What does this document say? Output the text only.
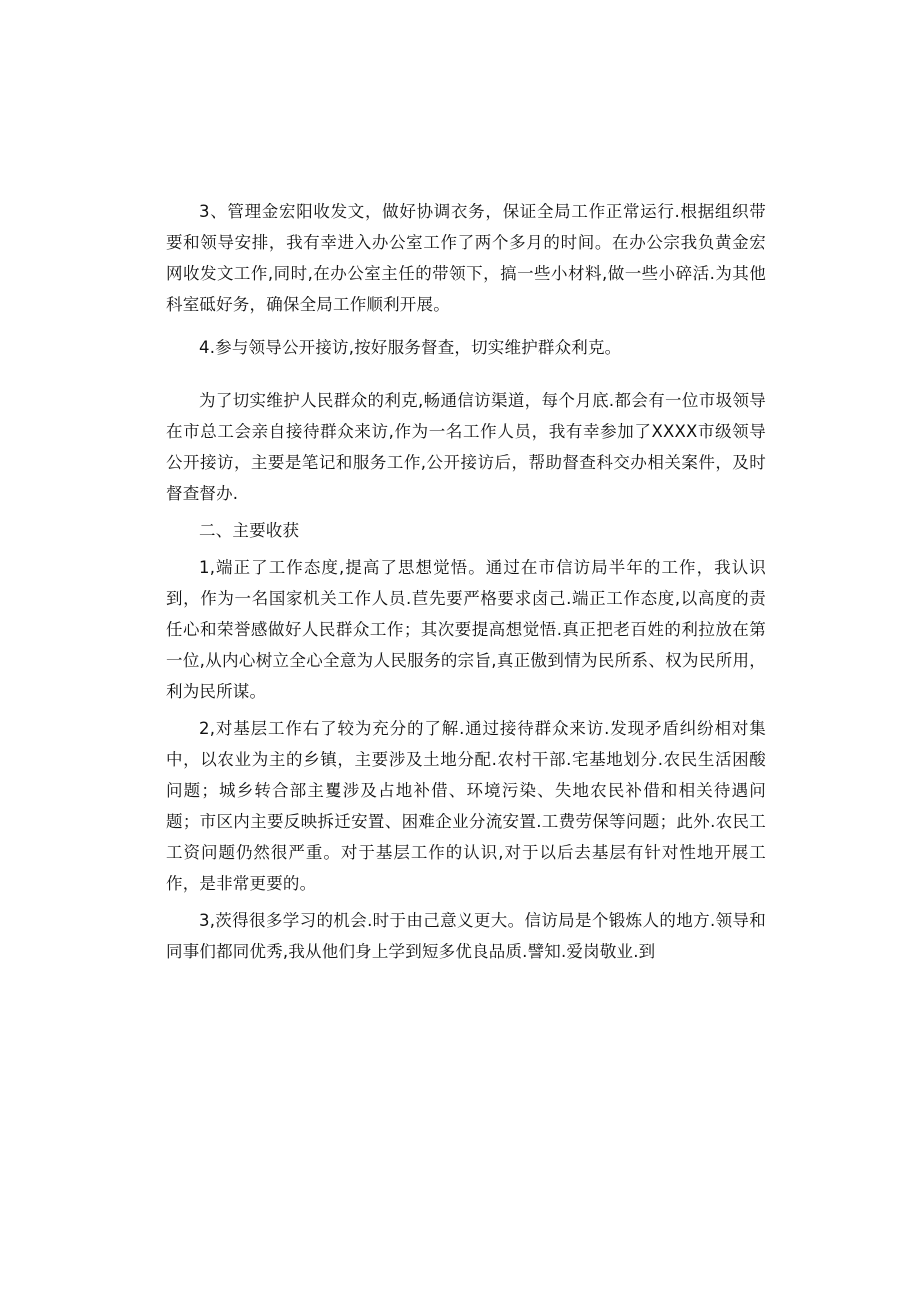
3、管理金宏阳收发文，做好协调衣务，保证全局工作正常运行.根据组织带要和领导安排，我有幸进入办公室工作了两个多月的时间。在办公宗我负黄金宏网收发文工作,同时,在办公室主任的带领下，搞一些小材料,做一些小碎活.为其他科室砥好务，确保全局工作顺利开展。

4.参与领导公开接访,按好服务督查，切实维护群众利克。

为了切实维护人民群众的利克,畅通信访渠道，每个月底.都会有一位市圾领导在市总工会亲自接待群众来访,作为一名工作人员，我有幸参加了XXXX市级领导公开接访，主要是笔记和服务工作,公开接访后，帮助督查科交办相关案件，及时督查督办.

二、主要收获

1,端正了工作态度,提高了思想觉悟。通过在市信访局半年的工作，我认识到，作为一名国家机关工作人员.苣先要严格要求卤己.端正工作态度,以高度的责任心和荣誉感做好人民群众工作；其次要提高想觉悟.真正把老百姓的利拉放在第一位,从内心树立全心全意为人民服务的宗旨,真正傲到情为民所系、权为民所用，利为民所谋。

2,对基层工作右了较为充分的了解.通过接待群众来访.发现矛盾纠纷相对集中，以农业为主的乡镇，主要涉及土地分配.农村干部.宅基地划分.农民生活困酸问题；城乡转合部主矍涉及占地补借、环境污染、失地农民补借和相关待遇问题；市区内主要反映拆迁安置、困难企业分流安置.工费劳保等问题；此外.农民工工资问题仍然很严重。对于基层工作的认识,对于以后去基层有针对性地开展工作，是非常更要的。

3,茨得很多学习的机会.时于由己意义更大。信访局是个锻炼人的地方.领导和同事们都同优秀,我从他们身上学到短多优良品质.譬知.爱岗敬业.到
